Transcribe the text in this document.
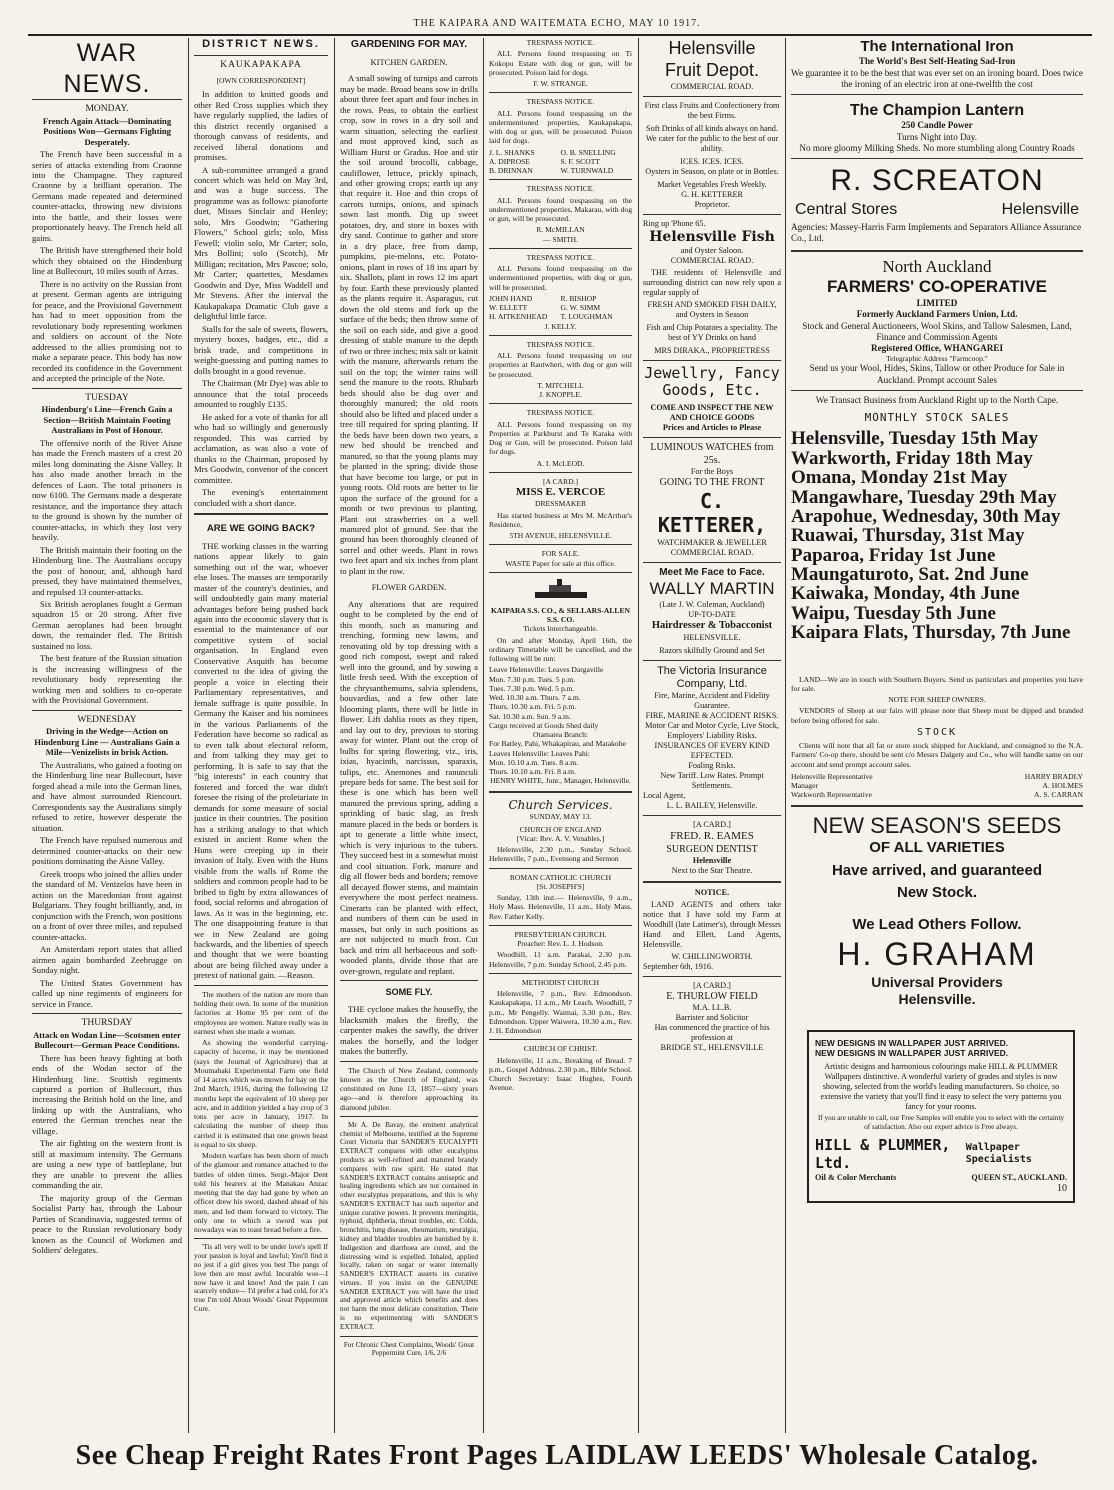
THE KAIPARA AND WAITEMATA ECHO, MAY 10 1917.
WAR NEWS.
MONDAY.
French Again Attack—Dominating Positions Won—Germans Fighting Desperately.

The French have been successful in a series of attacks extending from Craonne into the Champagne. They captured Craonne by a brilliant operation. The Germans made repeated and determined counter-attacks, throwing new divisions into the battle, and their losses were proportionately heavy. The French held all gains.

The British have strengthened their hold which they obtained on the Hindenburg line at Bullecourt, 10 miles south of Arras.

There is no activity on the Russian front at present. German agents are intriguing for peace, and the Provisional Government has had to meet opposition from the revolutionary body representing workmen and soldiers on account of the Note addressed to the allies promising not to make a separate peace. This body has now recorded its confidence in the Government and accepted the principle of the Note.

TUESDAY
Hindenburg's Line—French Gain a Section—British Maintain Footing Australians in Post of Honour.

The offensive north of the River Aisne has made the French masters of a crest 20 miles long dominating the Aisne Valley. It has also made another breach in the defences of Laon. The total prisoners is now 6100. The Germans made a desperate resistance, and the importance they attach to the ground is shown by the number of counter-attacks, in which they lost very heavily.

The British maintain their footing on the Hindenburg line. The Australians occupy the post of honour, and, although hard pressed, they have maintained themselves, and repulsed 13 counter-attacks.

Six British aeroplanes fought a German squadron 15 or 20 strong. After five German aeroplanes had been brought down, the remainder fled. The British sustained no loss.

The best feature of the Russian situation is the increasing willingness of the revolutionary body representing the working men and soldiers to co-operate with the Provisional Government.

WEDNESDAY
Driving in the Wedge—Action on Hindenburg Line — Australians Gain a Mile—Venizelists in brisk Action.

The Australians, who gained a footing on the Hindenburg line near Bullecourt, have forged ahead a mile into the German lines, and have almost surrounded Riencourt. Correspondents say the Australians simply refused to retire, however desperate the situation.

The French have repulsed numerous and determined counter-attacks on their new positions dominating the Aisne Valley.

Greek troops who joined the allies under the standard of M. Venizelos have been in action on the Macedonian front against Bulgarians. They fought brilliantly, and, in conjunction with the French, won positions on a front of over three miles, and repulsed counter-attacks.

An Amsterdam report states that allied airmen again bombarded Zeebrugge on Sunday night.

The United States Government has called up nine regiments of engineers for service in France.

THURSDAY
Attack on Wodan Line—Scotsmen enter Bullecourt—German Peace Conditions.

There has been heavy fighting at both ends of the Wodan sector of the Hindenburg line. Scottish regiments captured a portion of Bullecourt, thus increasing the British hold on the line, and linking up with the Australians, who entered the German trenches near the village.

The air fighting on the western front is still at maximum intensity. The Germans are using a new type of battleplane, but they are unable to prevent the allies commanding the air.

The majority group of the German Socialist Party has, through the Labour Parties of Scandinavia, suggested terms of peace to the Russian revolutionary body known as the Council of Workmen and Soldiers' delegates.

DISTRICT NEWS.
KAUKAPAKAPA
[OWN CORRESPONDENT]

In addition to knitted goods and other Red Cross supplies which they have regularly supplied, the ladies of this district recently organised a thorough canvass of residents, and received liberal donations and promises.

A sub-committee arranged a grand concert which was held on May 3rd, and was a huge success. The programme was as follows: pianoforte duet, Misses Sinclair and Henley; solo, Mrs Goodwin; "Gathering Flowers," School girls; solo, Miss Fewell; violin solo, Mr Carter; solo, Mrs Bollini; solo (Scotch), Mr Milligan; recitation, Mrs Pascoe; solo, Mr Carter; quartettes, Mesdames Goodwin and Dye, Miss Waddell and Mr Stevens. After the interval the Kaukapakapa Dramatic Club gave a delightful little farce.

Stalls for the sale of sweets, flowers, mystery boxes, badges, etc., did a brisk trade, and competitions in weight-guessing and putting names to dolls brought in a good revenue.

The Chairman (Mr Dye) was able to announce that the total proceeds amounted to roughly £135.

He asked for a vote of thanks for all who had so willingly and generously responded. This was carried by acclamation, as was also a vote of thanks to the Chairman, proposed by Mrs Goodwin, convenor of the concert committee.

The evening's entertainment concluded with a short dance.

ARE WE GOING BACK?

THE working classes in the warring nations appear likely to gain something out of the war, whoever else loses. The masses are temporarily master of the country's destinies, and will undoubtedly gain many material advantages before being pushed back again into the economic slavery that is essential to the maintenance of our competitive system of social organisation. In England even Conservative Asquith has become converted to the idea of giving the people a voice in electing their Parliamentary representatives, and female suffrage is quite possible. In Germany the Kaiser and his nominees in the various Parliaments of the Federation have become so radical as to even talk about electoral reform, and from talking they may get to performing. It is safe to say that the "big interests" in each country that fostered and forced the war didn't foresee the rising of the proletariate in demands for some measure of social justice in their countries. The position has a striking analogy to that which existed in ancient Rome when the Huns were creeping up in their invasion of Italy. Even with the Huns visible from the walls of Rome the soldiers and common people had to be bribed to fight by extra allowances of food, social reforms and abrogation of laws. As it was in the beginning, etc. The one disappointing feature is that we in New Zealand are going backwards, and the liberties of speech and thought that we were boasting about are being filched away under a pretext of national gain. —Reason.

The mothers of the nation are more than holding their own. In some of the munition factories at Home 95 per cent of the employees are women. Nature really was in earnest when she made a woman.

As showing the wonderful carrying-capacity of lucerne, it may be mentioned (says the Journal of Agriculture) that at Moumahaki Experimental Farm one field of 14 acres which was mown for hay on the 2nd March, 1916, during the following 12 months kept the equivalent of 10 sheep per acre, and in addition yielded a hay crop of 3 tons per acre in January, 1917. In calculating the number of sheep thus carried it is estimated that one grown beast is equal to six sheep.

Modern warfare has been shorn of much of the glamour and romance attached to the battles of olden times. Sergt.-Major Dent told his hearers at the Manakau Anzac meeting that the day had gone by when an officer drew his sword, dashed ahead of his men, and led them forward to victory. The only one to which a sword was put nowadays was to toast bread before a fire.

'Tis all very well to be under love's spell If your passion is loyal and lawful; You'll find it no jest if a girl gives you best The pangs of love then are most awful. Incurable woe—I now have it and know! And the pain I can scarcely endure— I'd prefer a bad cold, for it's true I'm told About Woods' Great Peppermint Cure.

GARDENING FOR MAY.
KITCHEN GARDEN.

A small sowing of turnips and carrots may be made. Broad beans sow in drills about three feet apart and four inches in the rows. Peas, to obtain the earliest crop, sow in rows in a dry soil and warm situation, selecting the earliest and most approved kind, such as William Hurst or Gradus. Hoe and stir the soil around brocolli, cabbage, cauliflower, lettuce, prickly spinach, and other growing crops; earth up any that require it. Hoe and thin crops of carrots turnips, onions, and spinach sown last month. Dig up sweet potatoes, dry, and store in boxes with dry sand. Continue to gather and store in a dry place, free from damp, pumpkins, pie-melons, etc. Potato-onions, plant in rows of 18 ins apart by six. Shallots, plant in rows 12 ins apart by four. Earth these previously planted as the plants require it. Asparagus, cut down the old stems and fork up the surface of the beds; then throw some of the soil on each side, and give a good dressing of stable manure to the depth of two or three inches; mix salt or kainit with the manure, afterwards return the soil on the top; the winter rains will send the manure to the roots. Rhubarb beds should also be dug over and thoroughly manured; the old roots should also be lifted and placed under a tree till required for spring planting. If the beds have been down two years, a new bed should be trenched and manured, so that the young plants may be planted in the spring; divide those that have become too large, or put in young roots. Old roots are better to lie upon the surface of the ground for a month or two previous to planting. Plant out strawberries on a well manured plot of ground. See that the ground has been thoroughly cleaned of sorrel and other weeds. Plant in rows two feet apart and six inches from plant to plant in the row.

FLOWER GARDEN.

Any alterations that are required ought to be completed by the end of this month, such as manuring and trenching, forming new lawns, and renovating old by top dressing with a good rich compost, swept and raked well into the ground, and by sowing a little fresh seed. With the exception of the chrysanthemums, salvia splendens, bouvardias, and a few other late blooming plants, there will be little in flower. Lift dahlia roots as they ripen, and lay out to dry, previous to storing away for winter. Plant out the crop of bulbs for spring flowering, viz., iris, ixias, hyacinth, narcissus, sparaxis, tulips, etc. Anemones and ranunculi prepare beds for same. The best soil for these is one which has been well manured the previous spring, adding a sprinkling of basic slag, as fresh manure placed in the beds or borders is apt to generate a little white insect, which is very injurious to the tubers. They succeed best in a somewhat moist and cool situation. Fork, manure and dig all flower beds and borders; remove all decayed flower stems, and maintain everywhere the most perfect neatness. Cinerarts can be planted with effect, and numbers of them can be used in masses, but only in such positions as are not subjected to much frost. Cut back and trim all herbaceous and soft-wooded plants, divide those that are over-grown, regulate and replant.

SOME FLY.

THE cyclone makes the housefly, the blacksmith makes the firefly, the carpenter makes the sawfly, the driver makes the horsefly, and the lodger makes the butterfly.

The Church of New Zealand, commonly known as the Church of England, was constituted on June 13, 1857—sixty years ago—and is therefore approaching its diamond jubilee.

Mr A. De Bavay, the eminent analytical chemist of Melbourne, testified at the Supreme Court Victoria that SANDER'S EUCALYPTI EXTRACT compares with other eucalyptus products as well-refined and matured brandy compares with raw spirit. He stated that SANDER'S EXTRACT contains antiseptic and healing ingredients which are not contained in other eucalyptus preparations, and this is why SANDER'S EXTRACT has such superior and unique curative powers. It prevents meningitis, typhoid, diphtheria, throat troubles, etc. Colds, bronchitis, lung disease, rheumatism, neuralgia, kidney and bladder troubles are banished by it. Indigestion and diarrhoea are cured, and the distressing wind is expelled. Inhaled, applied locally, taken on sugar or water internally SANDER'S EXTRACT asserts its curative virtues. If you insist on the GENUINE SANDER EXTRACT you will have the tried and approved article which benefits and does not harm the most delicate constitution. There is no experimenting with SANDER'S EXTRACT.

For Chronic Chest Complaints, Woods' Great Peppermint Cure, 1/6, 2/6
TRESPASS NOTICE.

ALL Persons found trespassing on Ti Kokopu Estate with dog or gun, will be prosecuted. Poison laid for dogs.

F. W. STRANGE.
TRESPASS NOTICE.

ALL Persons found trespassing on the undermentioned properties, Kaukapakapa, with dog or gun, will be prosecuted. Poison laid for dogs.

J. L. SHANKS	O. B. SNELLING
A. DIPROSE	S. F. SCOTT
B. DRINNAN	W. TURNWALD
TRESPASS NOTICE.

ALL Persons found trespassing on the undermentioned properties, Makarau, with dog or gun, will be prosecuted.

R. McMILLAN
— SMITH.
TRESPASS NOTICE.

ALL Persons found trespassing on the undermentioned properties, with dog or gun, will be prosecuted.

JOHN HAND	R. BISHOP
W. ELLETT	G. W. SIMM
H. AITKENHEAD	T. LOUGHMAN
J. KELLY.
TRESPASS NOTICE.

ALL Persons found trespassing on our properties at Rautwheri, with dog or gun will be prosecuted.

T. MITCHELL
J. KNOPPLE.
TRESPASS NOTICE.

ALL Persons found trespassing on my Properties at Parkhurst and Te Karaka with Dog or Gun, will be prosecuted. Poison laid for dogs.

A. I. McLEOD.
[A CARD.]
MISS E. VERCOE
DRESSMAKER

Has started business at Mrs M. McArthur's Residence,

5TH AVENUE, HELENSVILLE.
FOR SALE.
WASTE Paper for sale at this office.
KAIPARA S.S. CO., & SELLARS-ALLEN S.S. CO.
Tickets Interchangeable.

On and after Monday, April 16th, the ordinary Timetable will be cancelled, and the following will be run:

Leave Helensville: Leaves Dargaville
Mon. 7.30 p.m. Tues. 5 p.m.
Tues. 7.30 p.m. Wed. 5 p.m.
Wed. 10.30 a.m. Thurs. 7 a.m.
Thurs. 10.30 a.m. Fri. 5 p.m.
Sat. 10.30 a.m. Sun. 9 a.m.
Cargo received at Goods Shed daily
Otamatea Branch:
For Batley, Pahi, Whakapirau, and Matakohe
Leaves Helensville: Leaves Pahi:
Mon. 10.10 a.m. Tues. 8 a.m.
Thurs. 10.10 a.m. Fri. 8 a.m.
HENRY WHITE, Junr., Manager, Helensville.
Church Services.
SUNDAY, MAY 13.
CHURCH OF ENGLAND
[Vicar: Rev. A. V. Venables.]

Helensville, 2.30 p.m., Sunday School. Helensville, 7 p.m., Evensong and Sermon

ROMAN CATHOLIC CHURCH
[St. JOSEPH'S]

Sunday, 13th inst.— Helensville, 9 a.m., Holy Mass. Helensville, 11 a.m., Holy Mass. Rev. Father Kelly.

PRESBYTERIAN CHURCH.
Preacher: Rev. L. J. Hodson.

Woodhill, 11 a.m. Parakai, 2.30 p.m. Helensville, 7 p.m. Sunday School, 2.45 p.m.

METHODIST CHURCH

Helensville, 7 p.m., Rev. Edmondson. Kaukapakapa, 11 a.m., Mr Leach. Woodhill, 7 p.m., Mr Pengelly. Waimai, 3.30 p.m., Rev. Edmondson. Upper Waiwera, 10.30 a.m., Rev. J. H. Edmondson

CHURCH OF CHRIST.

Helensville, 11 a.m., Breaking of Bread. 7 p.m., Gospel Address. 2.30 p.m., Bible School. Church Secretary: Isaac Hughes, Fourth Avenue.

Helensville
Fruit Depot.
COMMERCIAL ROAD.
First class Fruits and Confectionery from the best Firms.
Soft Drinks of all kinds always on hand.
We cater for the public to the best of our ability.
ICES. ICES. ICES.
Oysters in Season, on plate or in Bottles.
Market Vegetables Fresh Weekly.
G. H. KETTERER
Proprietor.
Ring up 'Phone 65.
Helensville Fish
and Oyster Saloon.
COMMERCIAL ROAD.

THE residents of Helensville and surrounding district can now rely upon a regular supply of

FRESH AND SMOKED FISH DAILY,
and Oysters in Season
Fish and Chip Potatoes a speciality. The best of YY Drinks on hand
MRS DIRAKA., PROPRIETRESS
Jewellry, Fancy Goods, Etc.
COME AND INSPECT THE NEW AND CHOICE GOODS
Prices and Articles to Please
LUMINOUS WATCHES from 25s.
For the Boys
GOING TO THE FRONT
C. KETTERER,
WATCHMAKER & JEWELLER
COMMERCIAL ROAD.
Meet Me Face to Face.
WALLY MARTIN
(Late J. W. Coleman, Auckland)
UP-TO-DATE
Hairdresser & Tobacconist
HELENSVILLE.
Razors skilfully Ground and Set
The Victoria Insurance Company, Ltd.
Fire, Marine, Accident and Fidelity Guarantee.
FIRE, MARINE & ACCIDENT RISKS.
Motor Car and Motor Cycle, Live Stock, Employers' Liability Risks.
INSURANCES OF EVERY KIND EFFECTED.
Foaling Risks.
New Tariff. Low Rates. Prompt Settlements.
Local Agent,
L. L. BAILEY, Helensville.
[A CARD.]
FRED. R. EAMES
SURGEON DENTIST
Helensville
Next to the Star Theatre.
NOTICE.

LAND AGENTS and others take notice that I have sold my Farm at Woodhill (late Latimer's), through Messrs Hand and Ellett, Land Agents, Helensville.

W. CHILLINGWORTH.
September 6th, 1916.
[A CARD.]
E. THURLOW FIELD
M.A. LL.B.
Barrister and Solicitor
Has commenced the practice of his profession at
BRIDGE ST., HELENSVILLE
The International Iron
The World's Best Self-Heating Sad-Iron
We guarantee it to be the best that was ever set on an ironing board. Does twice the ironing of an electric iron at one-twelfth the cost
The Champion Lantern
250 Candle Power
Turns Night into Day.
No more gloomy Milking Sheds. No more stumbling along Country Roads
R. SCREATON
Central Stores	Helensville
Agencies: Massey-Harris Farm Implements and Separators Alliance Assurance Co., Ltd.
North Auckland
FARMERS' CO-OPERATIVE
LIMITED
Formerly Auckland Farmers Union, Ltd.
Stock and General Auctioneers, Wool Skins, and Tallow Salesmen, Land, Finance and Commission Agents
Registered Office, WHANGAREI
Telegraphic Address "Farmcoop."
Send us your Wool, Hides, Skins, Tallow or other Produce for Sale in Auckland. Prompt account Sales
We Transact Business from Auckland Right up to the North Cape.
MONTHLY STOCK SALES
Helensville, Tuesday 15th May
Warkworth, Friday 18th May
Omana, Monday 21st May
Mangawhare, Tuesday 29th May
Arapohue, Wednesday, 30th May
Ruawai, Thursday, 31st May
Paparoa, Friday 1st June
Maungaturoto, Sat. 2nd June
Kaiwaka, Monday, 4th June
Waipu, Tuesday 5th June
Kaipara Flats, Thursday, 7th June

LAND—We are in touch with Southern Buyers. Send us particulars and properties you have for sale.

NOTE FOR SHEEP OWNERS.

VENDORS of Sheep at our fairs will please note that Sheep must be dipped and branded before being offered for sale.

STOCK

Clients will note that all fat or store stock shipped for Auckland, and consigned to the N.A. Farmers' Co-op there, should be sent c/o Messrs Dalgety and Co., who will handle same on our account and send prompt account sales.

Helensville Representative	HARRY BRADLY
Manager	A. HOLMES
Warkworth Representative	A. S. CARRAN
NEW SEASON'S SEEDS
OF ALL VARIETIES
Have arrived, and guaranteed
New Stock.
We Lead Others Follow.
H. GRAHAM
Universal Providers
Helensville.
NEW DESIGNS IN WALLPAPER JUST ARRIVED.
NEW DESIGNS IN WALLPAPER JUST ARRIVED.

Artistic designs and harmonious colourings make HILL & PLUMMER Wallpapers distinctive. A wonderful variety of grades and styles is now showing, selected from the world's leading manufacturers. So choice, so extensive the variety that you'll find it easy to select the very patterns you fancy for your rooms.

If you are unable to call, our Free Samples will enable you to select with the certainty of satisfaction. Also our expert advice is Free always.

HILL & PLUMMER, Ltd.
Wallpaper Specialists
Oil & Color Merchants	QUEEN ST., AUCKLAND.
10
See Cheap Freight Rates Front Pages LAIDLAW LEEDS' Wholesale Catalog.
